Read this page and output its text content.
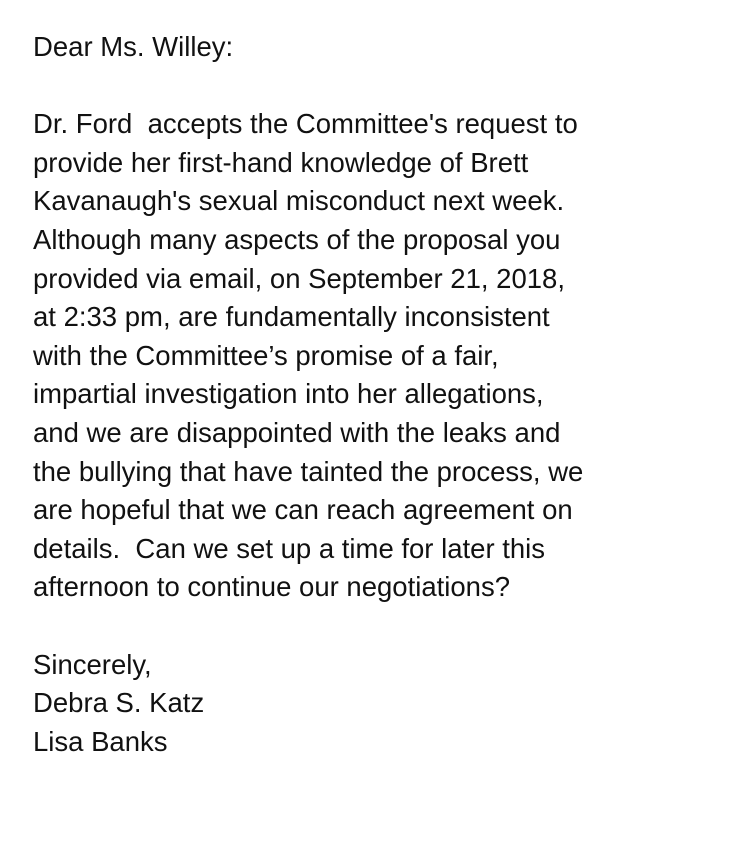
Dear Ms. Willey:
Dr. Ford  accepts the Committee's request to
provide her first-hand knowledge of Brett
Kavanaugh's sexual misconduct next week.
Although many aspects of the proposal you
provided via email, on September 21, 2018,
at 2:33 pm, are fundamentally inconsistent
with the Committee’s promise of a fair,
impartial investigation into her allegations,
and we are disappointed with the leaks and
the bullying that have tainted the process, we
are hopeful that we can reach agreement on
details.  Can we set up a time for later this
afternoon to continue our negotiations?
Sincerely,
Debra S. Katz
Lisa Banks
